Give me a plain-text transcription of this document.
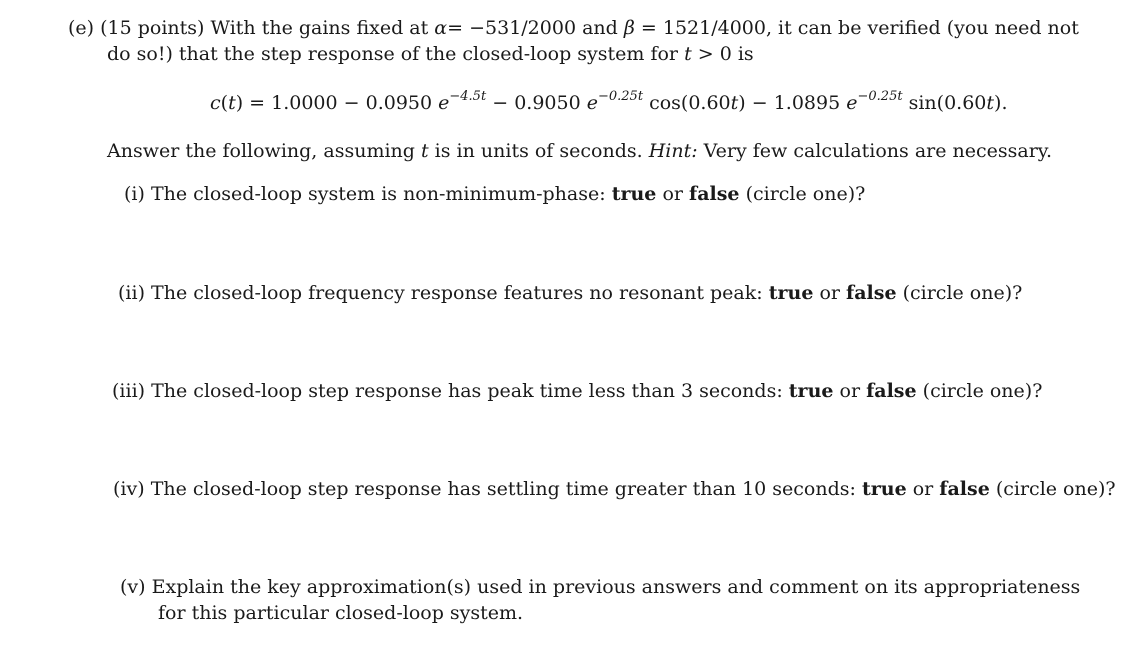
(e) (15 points) With the gains fixed at α= −531/2000 and β = 1521/4000, it can be verified (you need not
do so!) that the step response of the closed-loop system for t > 0 is
c(t) = 1.0000 − 0.0950 $e^{-4.5t} - 0.9050$ $e^{-0.25t}$ cos(0.60t) − 1.0895 $e^{-0.25t}$ sin(0.60t).
Answer the following, assuming t is in units of seconds. Hint: Very few calculations are necessary.
(i) The closed-loop system is non-minimum-phase: true or false (circle one)?
(ii) The closed-loop frequency response features no resonant peak: true or false (circle one)?
(iii) The closed-loop step response has peak time less than 3 seconds: true or false (circle one)?
(iv) The closed-loop step response has settling time greater than 10 seconds: true or false (circle one)?
(v) Explain the key approximation(s) used in previous answers and comment on its appropriateness
for this particular closed-loop system.
